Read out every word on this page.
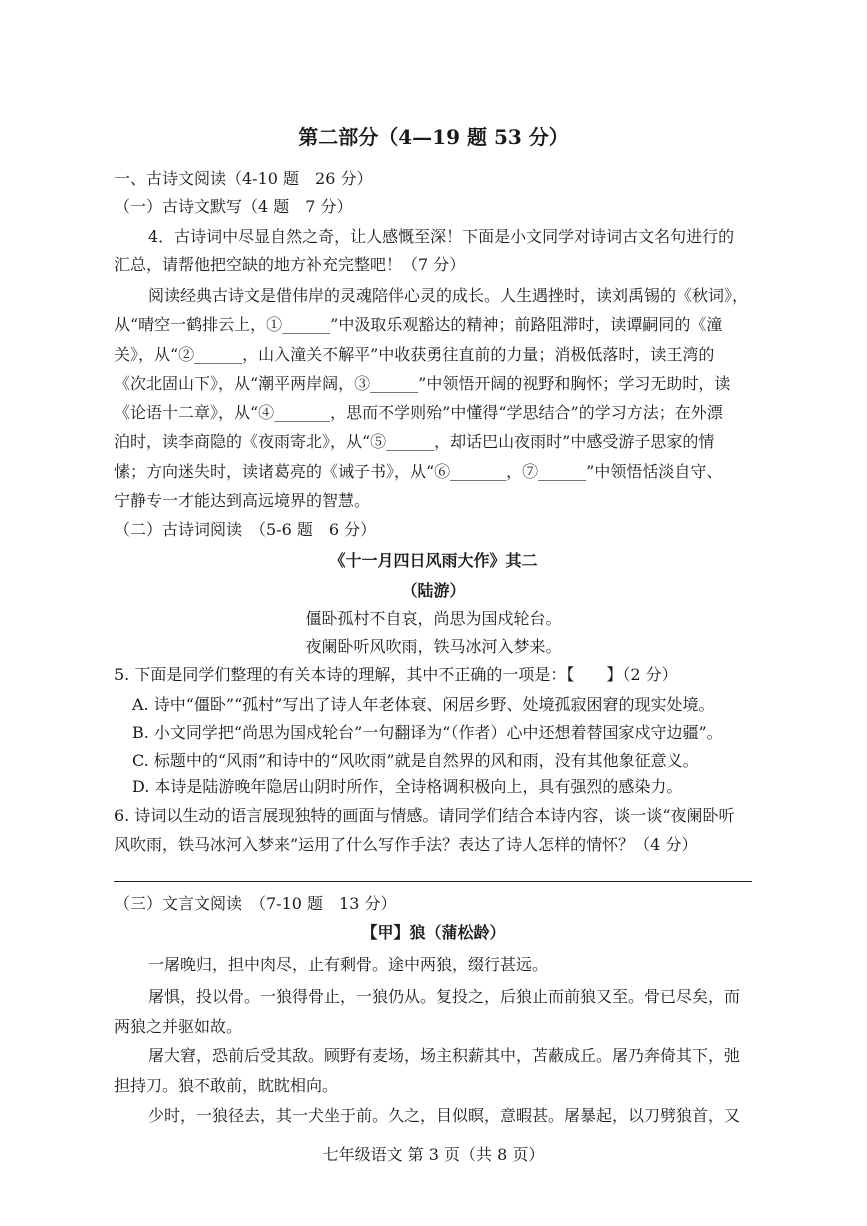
第二部分（4—19 题 53 分）
一、古诗文阅读（4-10 题　26 分）
（一）古诗文默写（4 题　7 分）
4．古诗词中尽显自然之奇，让人感慨至深！下面是小文同学对诗词古文名句进行的
汇总，请帮他把空缺的地方补充完整吧！（7 分）
阅读经典古诗文是借伟岸的灵魂陪伴心灵的成长。人生遇挫时，读刘禹锡的《秋词》，
从“晴空一鹤排云上，①______”中汲取乐观豁达的精神；前路阻滞时，读谭嗣同的《潼
关》，从“②______，山入潼关不解平”中收获勇往直前的力量；消极低落时，读王湾的
《次北固山下》，从“潮平两岸阔，③______”中领悟开阔的视野和胸怀；学习无助时，读
《论语十二章》，从“④_______，思而不学则殆”中懂得“学思结合”的学习方法；在外漂
泊时，读李商隐的《夜雨寄北》，从“⑤______，却话巴山夜雨时”中感受游子思家的情
愫；方向迷失时，读诸葛亮的《诫子书》，从“⑥_______，⑦______”中领悟恬淡自守、
宁静专一才能达到高远境界的智慧。
（二）古诗词阅读　（5-6 题　6 分）
《十一月四日风雨大作》其二
（陆游）
僵卧孤村不自哀，尚思为国戍轮台。
夜阑卧听风吹雨，铁马冰河入梦来。
5. 下面是同学们整理的有关本诗的理解，其中不正确的一项是：【　　】（2 分）
A. 诗中“僵卧”“孤村”写出了诗人年老体衰、闲居乡野、处境孤寂困窘的现实处境。
B. 小文同学把“尚思为国戍轮台”一句翻译为“（作者）心中还想着替国家戍守边疆”。
C. 标题中的“风雨”和诗中的“风吹雨”就是自然界的风和雨，没有其他象征意义。
D. 本诗是陆游晚年隐居山阴时所作，全诗格调积极向上，具有强烈的感染力。
6. 诗词以生动的语言展现独特的画面与情感。请同学们结合本诗内容，谈一谈“夜阑卧听
风吹雨，铁马冰河入梦来”运用了什么写作手法？表达了诗人怎样的情怀？（4 分）
（三）文言文阅读　（7-10 题　13 分）
【甲】狼（蒲松龄）
一屠晚归，担中肉尽，止有剩骨。途中两狼，缀行甚远。
屠惧，投以骨。一狼得骨止，一狼仍从。复投之，后狼止而前狼又至。骨已尽矣，而
两狼之并驱如故。
屠大窘，恐前后受其敌。顾野有麦场，场主积薪其中，苫蔽成丘。屠乃奔倚其下，弛
担持刀。狼不敢前，眈眈相向。
少时，一狼径去，其一犬坐于前。久之，目似瞑，意暇甚。屠暴起，以刀劈狼首，又
七年级语文 第 3 页（共 8 页）
